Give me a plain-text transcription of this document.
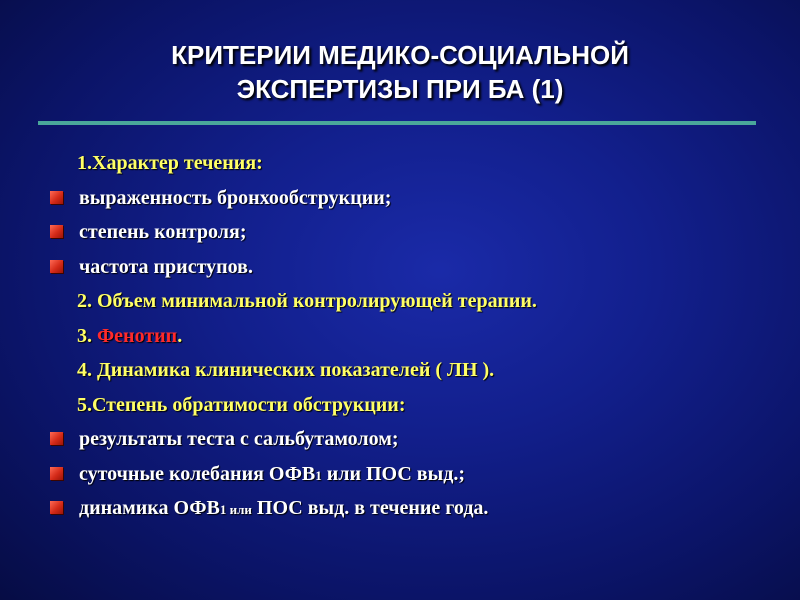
КРИТЕРИИ МЕДИКО-СОЦИАЛЬНОЙ
ЭКСПЕРТИЗЫ ПРИ БА (1)
1.Характер течения:
выраженность бронхообструкции;
степень контроля;
частота приступов.
2. Объем минимальной контролирующей терапии.
3. Фенотип.
4. Динамика клинических показателей ( ЛН ).
5.Степень обратимости обструкции:
результаты теста с сальбутамолом;
суточные колебания ОФВ1 или ПОС выд.;
динамика ОФВ1 или ПОС выд. в течение года.
